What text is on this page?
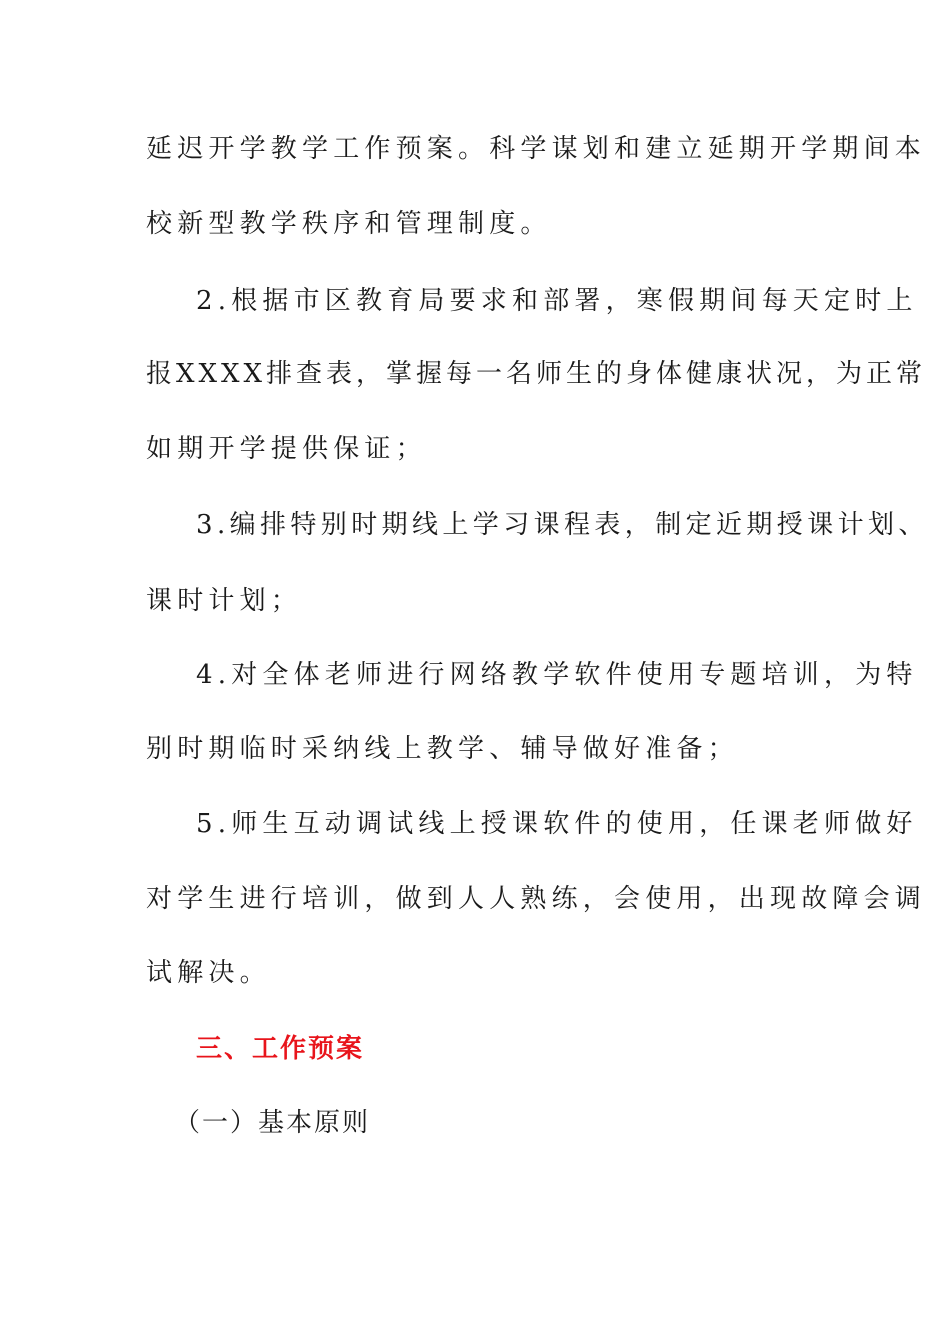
延迟开学教学工作预案。科学谋划和建立延期开学期间本
校新型教学秩序和管理制度。
2.根据市区教育局要求和部署，寒假期间每天定时上
报XXXX排查表，掌握每一名师生的身体健康状况，为正常
如期开学提供保证；
3.编排特别时期线上学习课程表，制定近期授课计划、
课时计划；
4.对全体老师进行网络教学软件使用专题培训，为特
别时期临时采纳线上教学、辅导做好准备；
5.师生互动调试线上授课软件的使用，任课老师做好
对学生进行培训，做到人人熟练，会使用，出现故障会调
试解决。
三、工作预案
（一）基本原则
